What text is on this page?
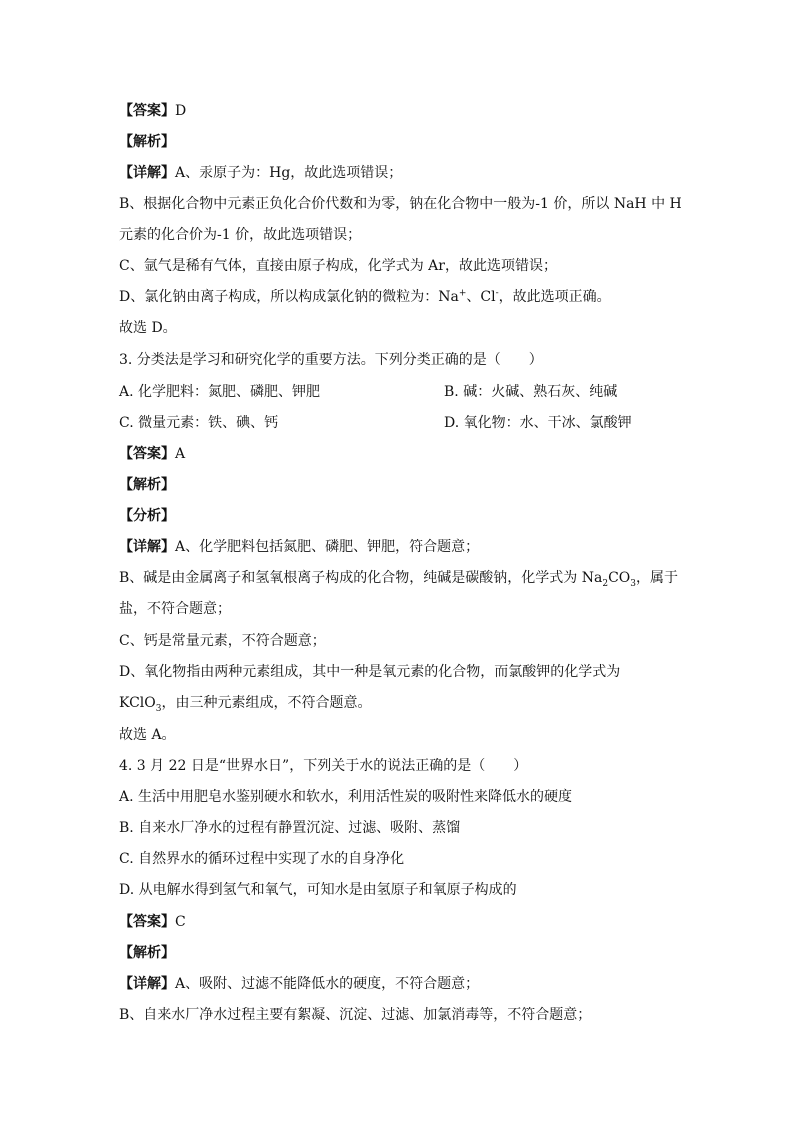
【答案】D
【解析】
【详解】A、汞原子为：Hg，故此选项错误；
B、根据化合物中元素正负化合价代数和为零，钠在化合物中一般为-1 价，所以 NaH 中 H
元素的化合价为-1 价，故此选项错误；
C、氩气是稀有气体，直接由原子构成，化学式为 Ar，故此选项错误；
D、氯化钠由离子构成，所以构成氯化钠的微粒为：Na+、Cl-，故此选项正确。
故选 D。
3. 分类法是学习和研究化学的重要方法。下列分类正确的是（　　）
A. 化学肥料：氮肥、磷肥、钾肥	B. 碱：火碱、熟石灰、纯碱
C. 微量元素：铁、碘、钙	D. 氧化物：水、干冰、氯酸钾
【答案】A
【解析】
【分析】
【详解】A、化学肥料包括氮肥、磷肥、钾肥，符合题意；
B、碱是由金属离子和氢氧根离子构成的化合物，纯碱是碳酸钠，化学式为 $Na_2CO_3$，属于
盐，不符合题意；
C、钙是常量元素，不符合题意；
D、氧化物指由两种元素组成，其中一种是氧元素的化合物，而氯酸钾的化学式为
KClO$_3$，由三种元素组成，不符合题意。
故选 A。
4. 3 月 22 日是“世界水日”，下列关于水的说法正确的是（　　）
A. 生活中用肥皂水鉴别硬水和软水，利用活性炭的吸附性来降低水的硬度
B. 自来水厂净水的过程有静置沉淀、过滤、吸附、蒸馏
C. 自然界水的循环过程中实现了水的自身净化
D. 从电解水得到氢气和氧气，可知水是由氢原子和氧原子构成的
【答案】C
【解析】
【详解】A、吸附、过滤不能降低水的硬度，不符合题意；
B、自来水厂净水过程主要有絮凝、沉淀、过滤、加氯消毒等，不符合题意；
